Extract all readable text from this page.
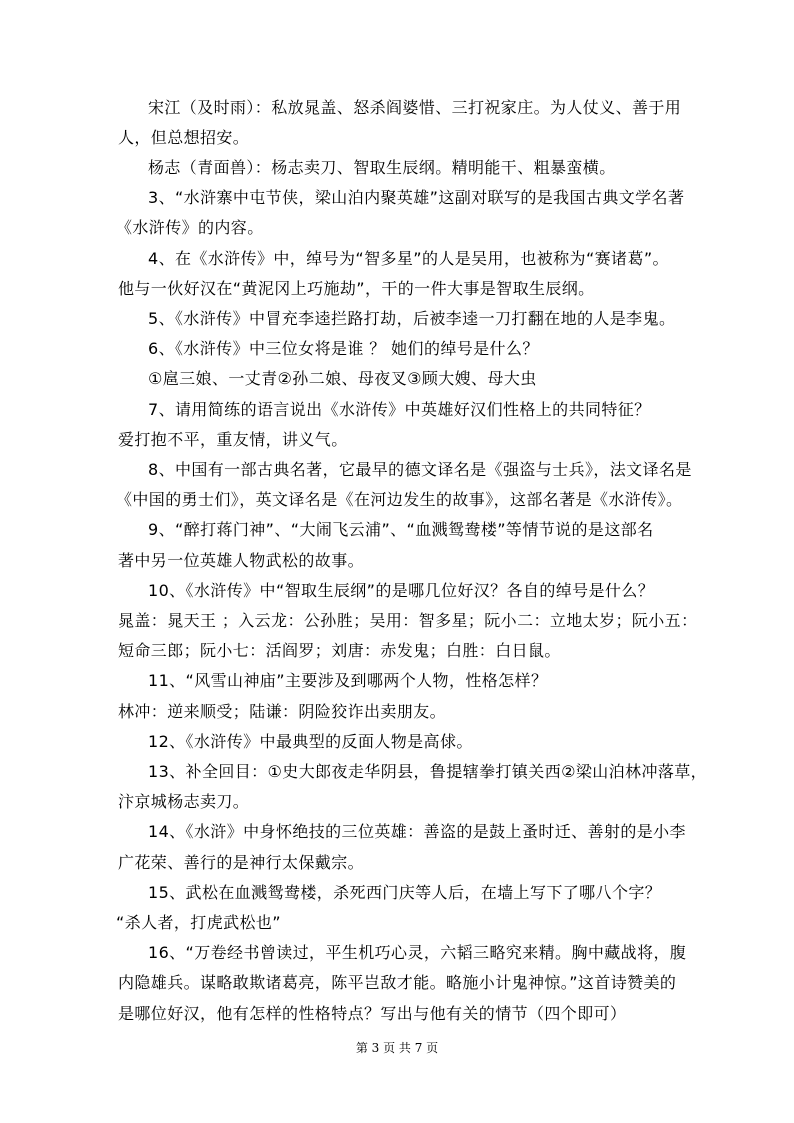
宋江（及时雨）：私放晁盖、怒杀阎婆惜、三打祝家庄。为人仗义、善于用
人，但总想招安。
杨志（青面兽）：杨志卖刀、智取生辰纲。精明能干、粗暴蛮横。
3、“水浒寨中屯节侠，梁山泊内聚英雄”这副对联写的是我国古典文学名著
《水浒传》的内容。
4、在《水浒传》中，绰号为“智多星”的人是吴用，也被称为“赛诸葛”。
他与一伙好汉在“黄泥冈上巧施劫”，干的一件大事是智取生辰纲。
5、《水浒传》中冒充李逵拦路打劫，后被李逵一刀打翻在地的人是李鬼。
6、《水浒传》中三位女将是谁 ？ 她们的绰号是什么？
①扈三娘、一丈青②孙二娘、母夜叉③顾大嫂、母大虫
7、请用简练的语言说出《水浒传》中英雄好汉们性格上的共同特征？
爱打抱不平，重友情，讲义气。
8、中国有一部古典名著，它最早的德文译名是《强盗与士兵》，法文译名是
《中国的勇士们》，英文译名是《在河边发生的故事》，这部名著是《水浒传》。
9、“醉打蒋门神”、“大闹飞云浦”、“血溅鸳鸯楼”等情节说的是这部名
著中另一位英雄人物武松的故事。
10、《水浒传》中“智取生辰纲”的是哪几位好汉？各自的绰号是什么？
晁盖：晁天王 ；入云龙：公孙胜；吴用：智多星；阮小二：立地太岁；阮小五：
短命三郎；阮小七：活阎罗；刘唐：赤发鬼；白胜：白日鼠。
11、“风雪山神庙”主要涉及到哪两个人物，性格怎样？
林冲：逆来顺受；陆谦：阴险狡诈出卖朋友。
12、《水浒传》中最典型的反面人物是高俅。
13、补全回目：①史大郎夜走华阴县，鲁提辖拳打镇关西②梁山泊林冲落草，
汴京城杨志卖刀。
14、《水浒》中身怀绝技的三位英雄：善盗的是鼓上蚤时迁、善射的是小李
广花荣、善行的是神行太保戴宗。
15、武松在血溅鸳鸯楼，杀死西门庆等人后，在墙上写下了哪八个字？
“杀人者，打虎武松也”
16、“万卷经书曾读过，平生机巧心灵，六韬三略究来精。胸中藏战将，腹
内隐雄兵。谋略敢欺诸葛亮，陈平岂敌才能。略施小计鬼神惊。”这首诗赞美的
是哪位好汉，他有怎样的性格特点？写出与他有关的情节（四个即可）
第 3 页 共 7 页
